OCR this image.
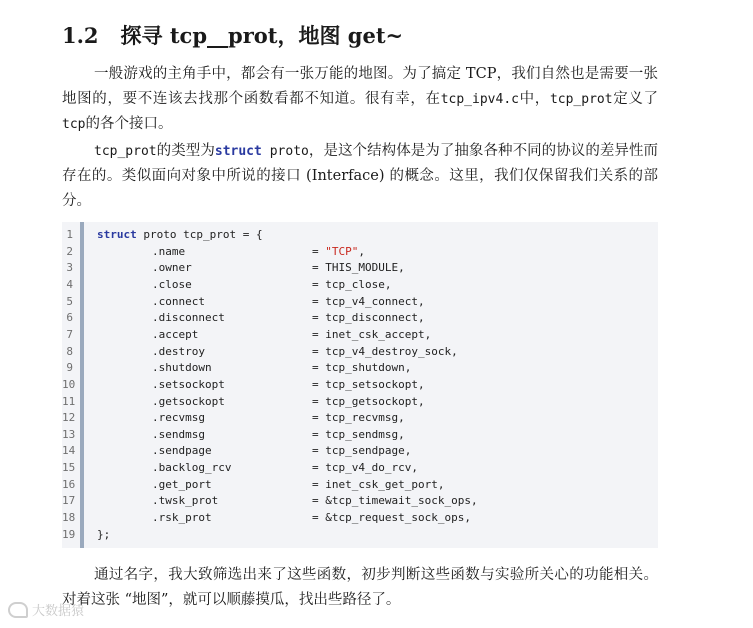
1.2 探寻 tcp__prot，地图 get~
一般游戏的主角手中，都会有一张万能的地图。为了搞定 TCP，我们自然也是需要一张地图的，要不连该去找那个函数看都不知道。很有幸，在tcp_ipv4.c中，tcp_prot定义了tcp的各个接口。
tcp_prot的类型为struct proto，是这个结构体是为了抽象各种不同的协议的差异性而存在的。类似面向对象中所说的接口 (Interface) 的概念。这里，我们仅保留我们关系的部分。
1
2
3
4
5
6
7
8
9
10
11
12
13
14
15
16
17
18
19
struct proto tcp_prot = {
};
.name	= "TCP",
.owner	= THIS_MODULE,
.close	= tcp_close,
.connect	= tcp_v4_connect,
.disconnect	= tcp_disconnect,
.accept	= inet_csk_accept,
.destroy	= tcp_v4_destroy_sock,
.shutdown	= tcp_shutdown,
.setsockopt	= tcp_setsockopt,
.getsockopt	= tcp_getsockopt,
.recvmsg	= tcp_recvmsg,
.sendmsg	= tcp_sendmsg,
.sendpage	= tcp_sendpage,
.backlog_rcv	= tcp_v4_do_rcv,
.get_port	= inet_csk_get_port,
.twsk_prot	= &tcp_timewait_sock_ops,
.rsk_prot	= &tcp_request_sock_ops,
通过名字，我大致筛选出来了这些函数，初步判断这些函数与实验所关心的功能相关。对着这张 “地图”，就可以顺藤摸瓜，找出些路径了。
大数据猿
